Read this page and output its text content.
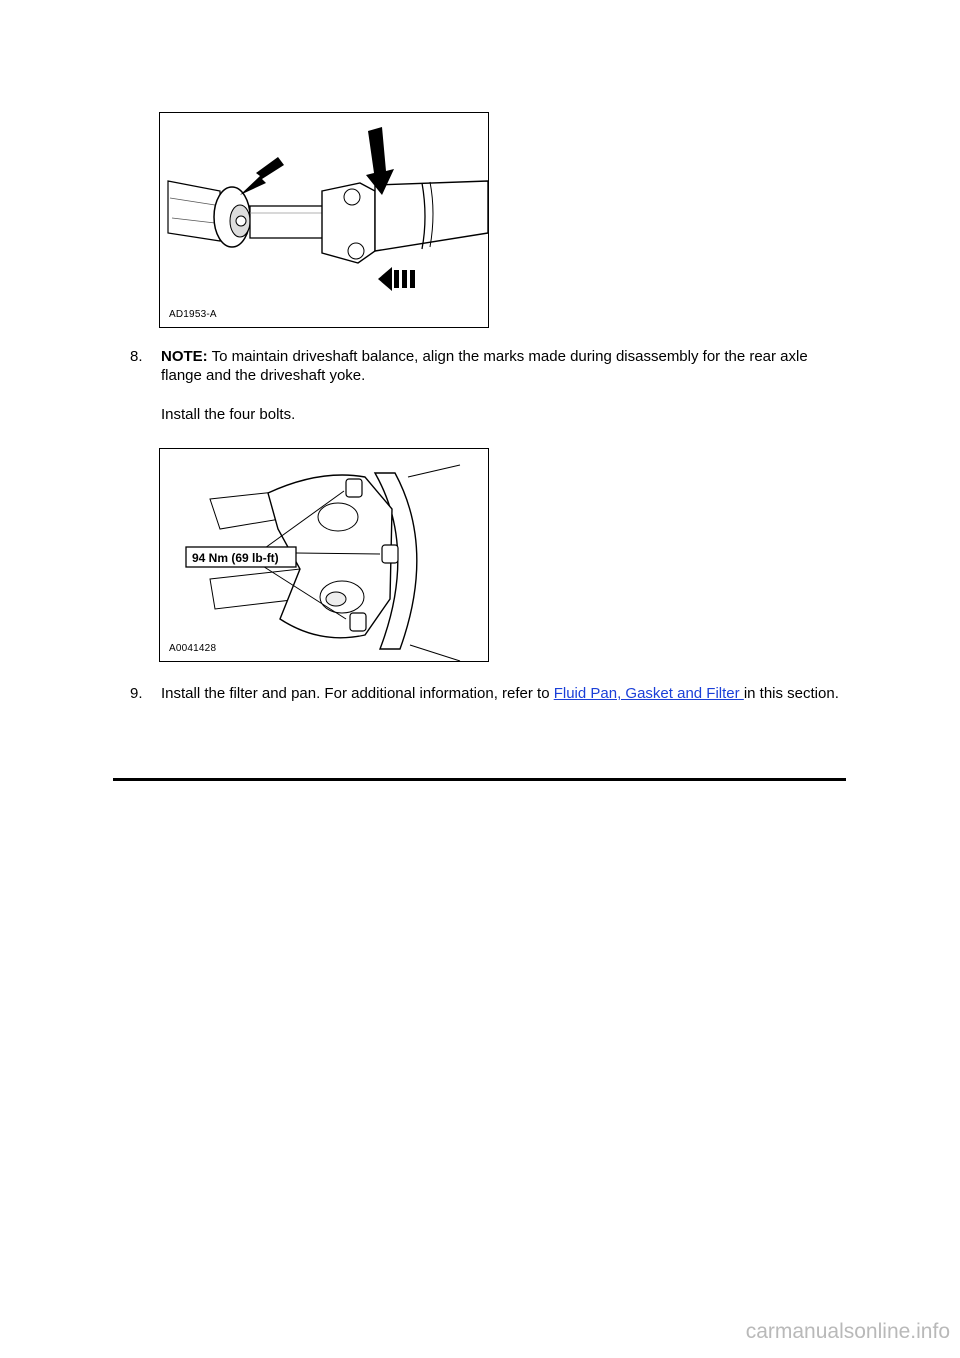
AD1953-A
8. NOTE: To maintain driveshaft balance, align the marks made during disassembly for the rear axle flange and the driveshaft yoke.
Install the four bolts.
94 Nm (69 lb-ft)
A0041428
9. Install the filter and pan. For additional information, refer to Fluid Pan, Gasket and Filter in this section.
carmanualsonline.info
